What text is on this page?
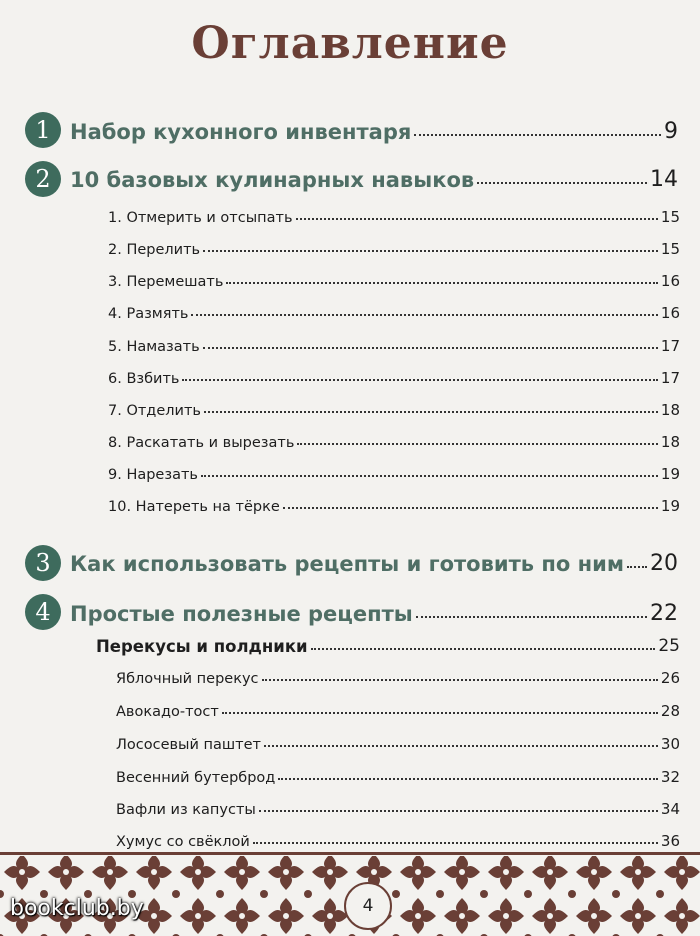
Оглавление
1 Набор кухонного инвентаря	9
2 10 базовых кулинарных навыков	14
1. Отмерить и отсыпать	15
2. Перелить	15
3. Перемешать	16
4. Размять	16
5. Намазать	17
6. Взбить	17
7. Отделить	18
8. Раскатать и вырезать	18
9. Нарезать	19
10. Натереть на тёрке	19
3 Как использовать рецепты и готовить по ним 20
4 Простые полезные рецепты	22
Перекусы и полдники	25
Яблочный перекус	26
Авокадо-тост	28
Лососевый паштет	30
Весенний бутерброд	32
Вафли из капусты	34
Хумус со свёклой	36
4
bookclub.by
